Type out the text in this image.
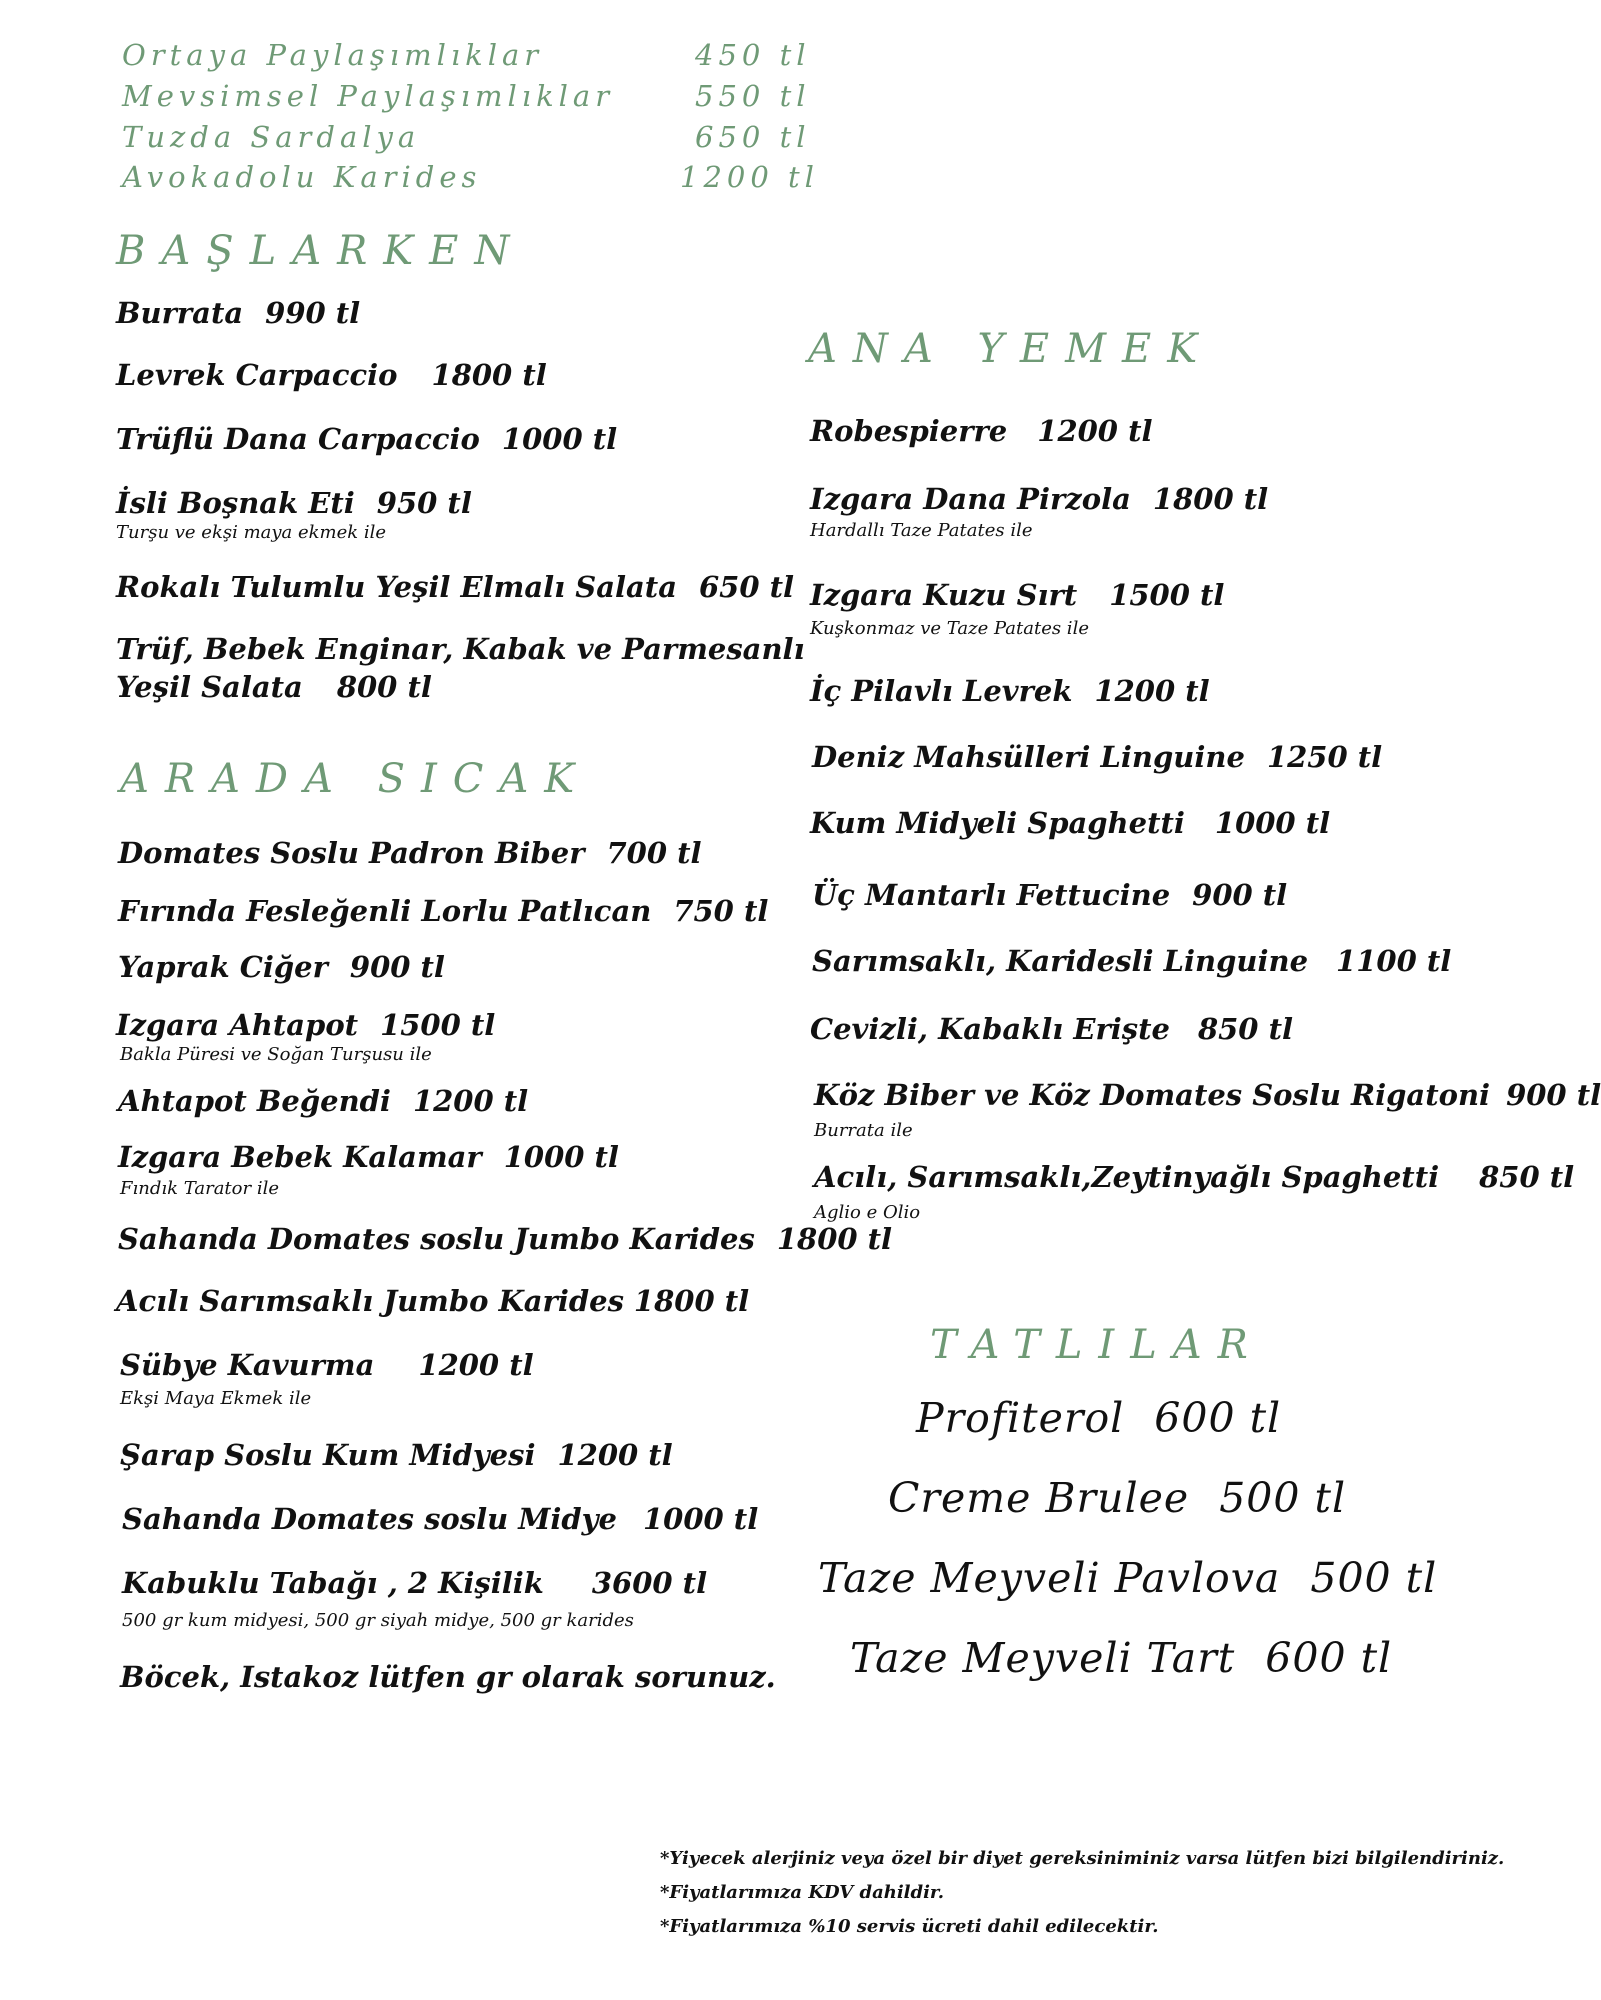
Ortaya Paylaşımlıklar	450 tl
Mevsimsel Paylaşımlıklar	550 tl
Tuzda Sardalya	650 tl
Avokadolu Karides	1200 tl
BAŞLARKEN
Burrata 990 tl
Levrek Carpaccio 1800 tl
Trüflü Dana Carpaccio 1000 tl
İsli Boşnak Eti 950 tl
Turşu ve ekşi maya ekmek ile
Rokalı Tulumlu Yeşil Elmalı Salata 650 tl
Trüf, Bebek Enginar, Kabak ve Parmesanlı
Yeşil Salata 800 tl
ARADA SICAK
Domates Soslu Padron Biber 700 tl
Fırında Fesleğenli Lorlu Patlıcan 750 tl
Yaprak Ciğer 900 tl
Izgara Ahtapot 1500 tl
Bakla Püresi ve Soğan Turşusu ile
Ahtapot Beğendi 1200 tl
Izgara Bebek Kalamar 1000 tl
Fındık Tarator ile
Sahanda Domates soslu Jumbo Karides 1800 tl
Acılı Sarımsaklı Jumbo Karides 1800 tl
Sübye Kavurma 1200 tl
Ekşi Maya Ekmek ile
Şarap Soslu Kum Midyesi 1200 tl
Sahanda Domates soslu Midye 1000 tl
Kabuklu Tabağı , 2 Kişilik 3600 tl
500 gr kum midyesi, 500 gr siyah midye, 500 gr karides
Böcek, Istakoz lütfen gr olarak sorunuz.
ANA YEMEK
Robespierre 1200 tl
Izgara Dana Pirzola 1800 tl
Hardallı Taze Patates ile
Izgara Kuzu Sırt 1500 tl
Kuşkonmaz ve Taze Patates ile
İç Pilavlı Levrek 1200 tl
Deniz Mahsülleri Linguine 1250 tl
Kum Midyeli Spaghetti 1000 tl
Üç Mantarlı Fettucine 900 tl
Sarımsaklı, Karidesli Linguine 1100 tl
Cevizli, Kabaklı Erişte 850 tl
Köz Biber ve Köz Domates Soslu Rigatoni 900 tl
Burrata ile
Acılı, Sarımsaklı,Zeytinyağlı Spaghetti 850 tl
Aglio e Olio
TATLILAR
Profiterol 600 tl
Creme Brulee 500 tl
Taze Meyveli Pavlova 500 tl
Taze Meyveli Tart 600 tl
*Yiyecek alerjiniz veya özel bir diyet gereksiniminiz varsa lütfen bizi bilgilendiriniz.
*Fiyatlarımıza KDV dahildir.
*Fiyatlarımıza %10 servis ücreti dahil edilecektir.
